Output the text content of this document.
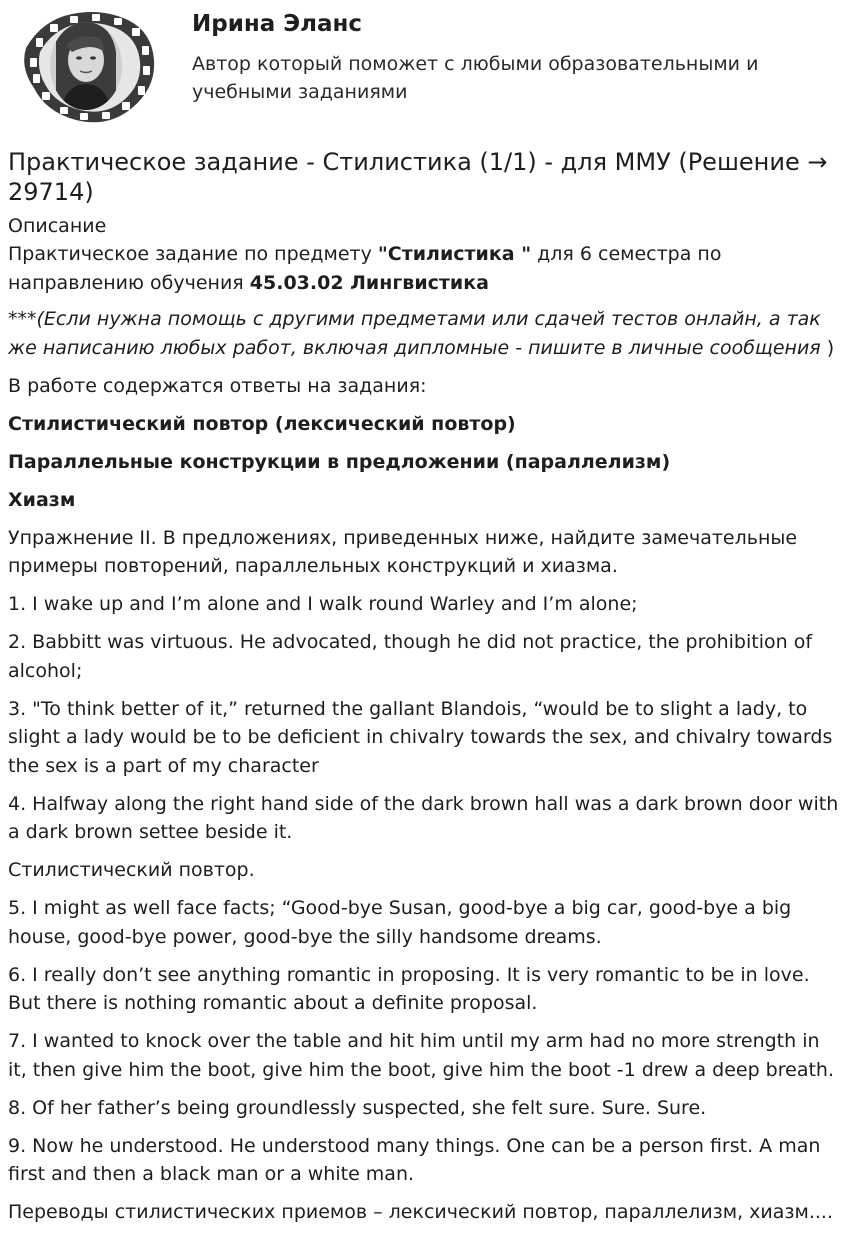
Ирина Эланс

Автор который поможет с любыми образовательными и учебными заданиями

Практическое задание - Стилистика (1/1) - для ММУ (Решение → 29714)
Описание

Практическое задание по предмету "Стилистика " для 6 семестра по направлению обучения 45.03.02 Лингвистика

***(Если нужна помощь с другими предметами или сдачей тестов онлайн, а так же написанию любых работ, включая дипломные - пишите в личные сообщения )

В работе содержатся ответы на задания:

Стилистический повтор (лексический повтор)

Параллельные конструкции в предложении (параллелизм)

Хиазм

Упражнение II. В предложениях, приведенных ниже, найдите замечательные примеры повторений, параллельных конструкций и хиазма.

1. I wake up and I’m alone and I walk round Warley and I’m alone;

2. Babbitt was virtuous. He advocated, though he did not practice, the prohibition of alcohol;

3. "To think better of it,” returned the gallant Blandois, “would be to slight a lady, to slight a lady would be to be deficient in chivalry towards the sex, and chivalry towards the sex is a part of my character

4. Halfway along the right hand side of the dark brown hall was a dark brown door with a dark brown settee beside it.

Стилистический повтор.

5. I might as well face facts; “Good-bye Susan, good-bye a big car, good-bye a big house, good-bye power, good-bye the silly handsome dreams.

6. I really don’t see anything romantic in proposing. It is very romantic to be in love. But there is nothing romantic about a definite proposal.

7. I wanted to knock over the table and hit him until my arm had no more strength in it, then give him the boot, give him the boot, give him the boot -1 drew a deep breath.

8. Of her father’s being groundlessly suspected, she felt sure. Sure. Sure.

9. Now he understood. He understood many things. One can be a person first. A man first and then a black man or a white man.

Переводы стилистических приемов – лексический повтор, параллелизм, хиазм....
